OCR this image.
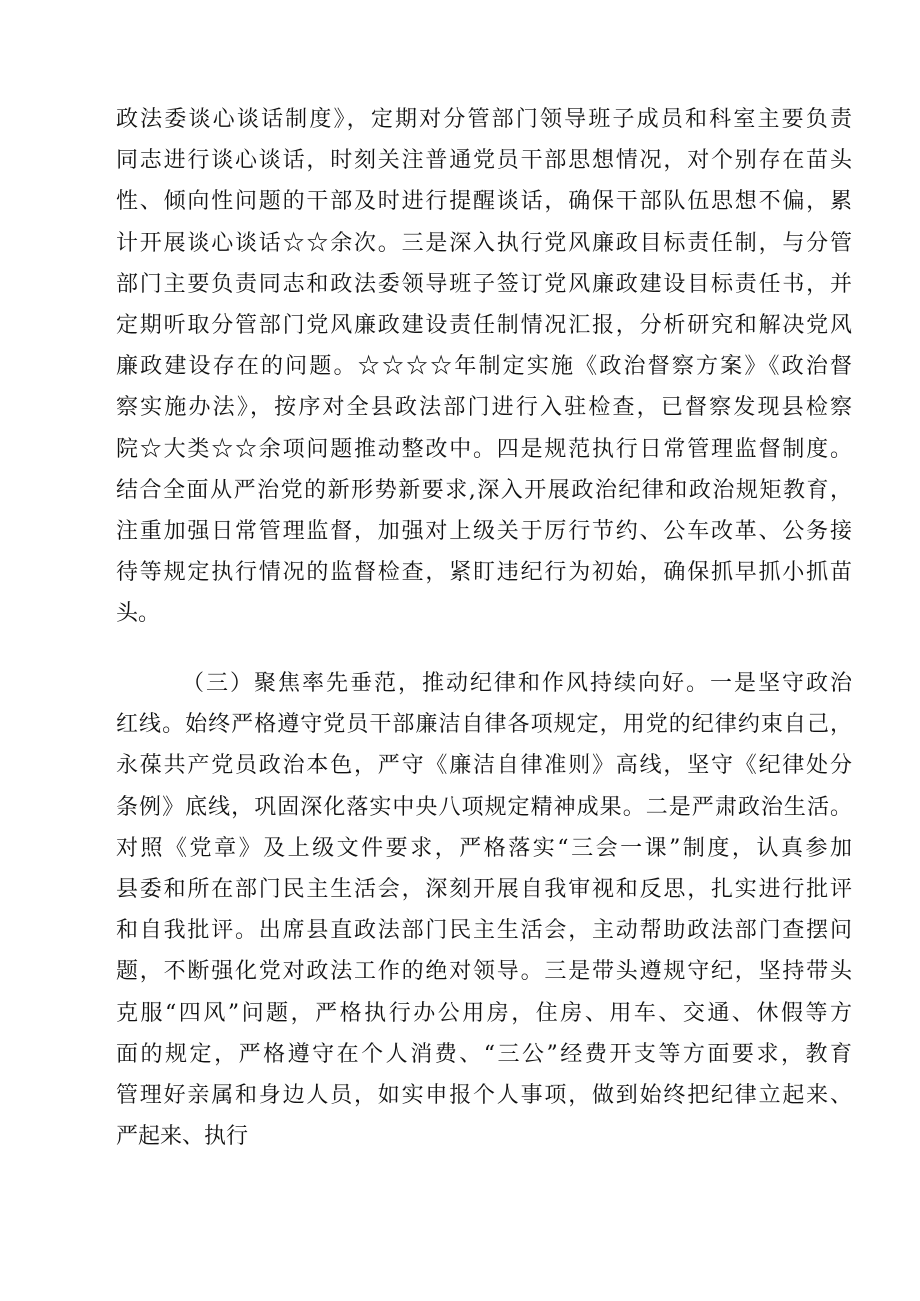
政法委谈心谈话制度》，定期对分管部门领导班子成员和科室主要负责
同志进行谈心谈话，时刻关注普通党员干部思想情况，对个别存在苗头
性、倾向性问题的干部及时进行提醒谈话，确保干部队伍思想不偏，累
计开展谈心谈话☆☆余次。三是深入执行党风廉政目标责任制，与分管
部门主要负责同志和政法委领导班子签订党风廉政建设目标责任书，并
定期听取分管部门党风廉政建设责任制情况汇报，分析研究和解决党风
廉政建设存在的问题。☆☆☆☆年制定实施《政治督察方案》《政治督
察实施办法》，按序对全县政法部门进行入驻检查，已督察发现县检察
院☆大类☆☆余项问题推动整改中。四是规范执行日常管理监督制度。
结合全面从严治党的新形势新要求,深入开展政治纪律和政治规矩教育，
注重加强日常管理监督，加强对上级关于厉行节约、公车改革、公务接
待等规定执行情况的监督检查，紧盯违纪行为初始，确保抓早抓小抓苗
头。
（三）聚焦率先垂范，推动纪律和作风持续向好。一是坚守政治
红线。始终严格遵守党员干部廉洁自律各项规定，用党的纪律约束自己，
永葆共产党员政治本色，严守《廉洁自律准则》高线，坚守《纪律处分
条例》底线，巩固深化落实中央八项规定精神成果。二是严肃政治生活。
对照《党章》及上级文件要求，严格落实“三会一课”制度，认真参加
县委和所在部门民主生活会，深刻开展自我审视和反思，扎实进行批评
和自我批评。出席县直政法部门民主生活会，主动帮助政法部门查摆问
题，不断强化党对政法工作的绝对领导。三是带头遵规守纪，坚持带头
克服“四风”问题，严格执行办公用房，住房、用车、交通、休假等方
面的规定，严格遵守在个人消费、“三公”经费开支等方面要求，教育
管理好亲属和身边人员，如实申报个人事项，做到始终把纪律立起来、
严起来、执行
